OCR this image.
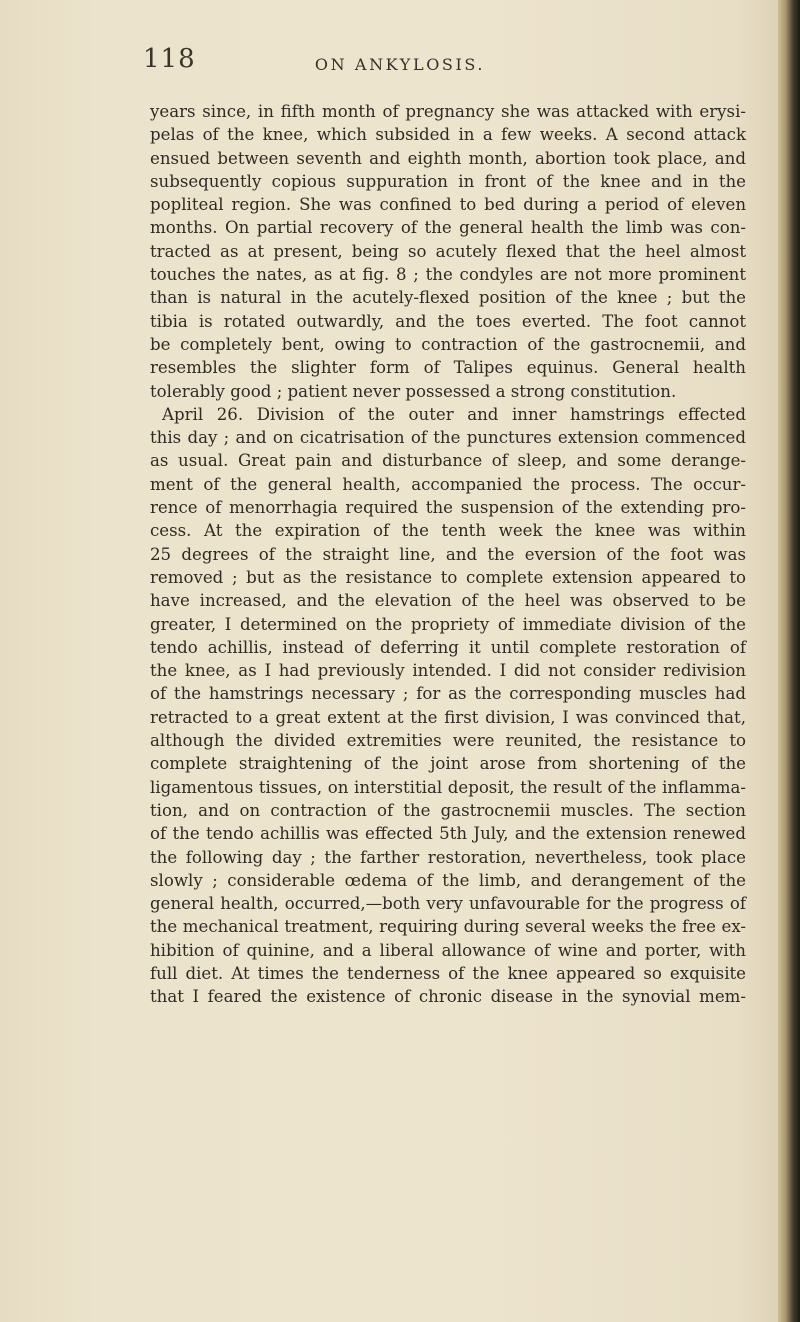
118	ON ANKYLOSIS.
years since, in fifth month of pregnancy she was attacked with erysi-
pelas of the knee, which subsided in a few weeks. A second attack
ensued between seventh and eighth month, abortion took place, and
subsequently copious suppuration in front of the knee and in the
popliteal region. She was confined to bed during a period of eleven
months. On partial recovery of the general health the limb was con-
tracted as at present, being so acutely flexed that the heel almost
touches the nates, as at fig. 8 ; the condyles are not more prominent
than is natural in the acutely-flexed position of the knee ; but the
tibia is rotated outwardly, and the toes everted. The foot cannot
be completely bent, owing to contraction of the gastrocnemii, and
resembles the slighter form of Talipes equinus. General health
tolerably good ; patient never possessed a strong constitution.
April 26. Division of the outer and inner hamstrings effected
this day ; and on cicatrisation of the punctures extension commenced
as usual. Great pain and disturbance of sleep, and some derange-
ment of the general health, accompanied the process. The occur-
rence of menorrhagia required the suspension of the extending pro-
cess. At the expiration of the tenth week the knee was within
25 degrees of the straight line, and the eversion of the foot was
removed ; but as the resistance to complete extension appeared to
have increased, and the elevation of the heel was observed to be
greater, I determined on the propriety of immediate division of the
tendo achillis, instead of deferring it until complete restoration of
the knee, as I had previously intended. I did not consider redivision
of the hamstrings necessary ; for as the corresponding muscles had
retracted to a great extent at the first division, I was convinced that,
although the divided extremities were reunited, the resistance to
complete straightening of the joint arose from shortening of the
ligamentous tissues, on interstitial deposit, the result of the inflamma-
tion, and on contraction of the gastrocnemii muscles. The section
of the tendo achillis was effected 5th July, and the extension renewed
the following day ; the farther restoration, nevertheless, took place
slowly ; considerable œdema of the limb, and derangement of the
general health, occurred,—both very unfavourable for the progress of
the mechanical treatment, requiring during several weeks the free ex-
hibition of quinine, and a liberal allowance of wine and porter, with
full diet. At times the tenderness of the knee appeared so exquisite
that I feared the existence of chronic disease in the synovial mem-
